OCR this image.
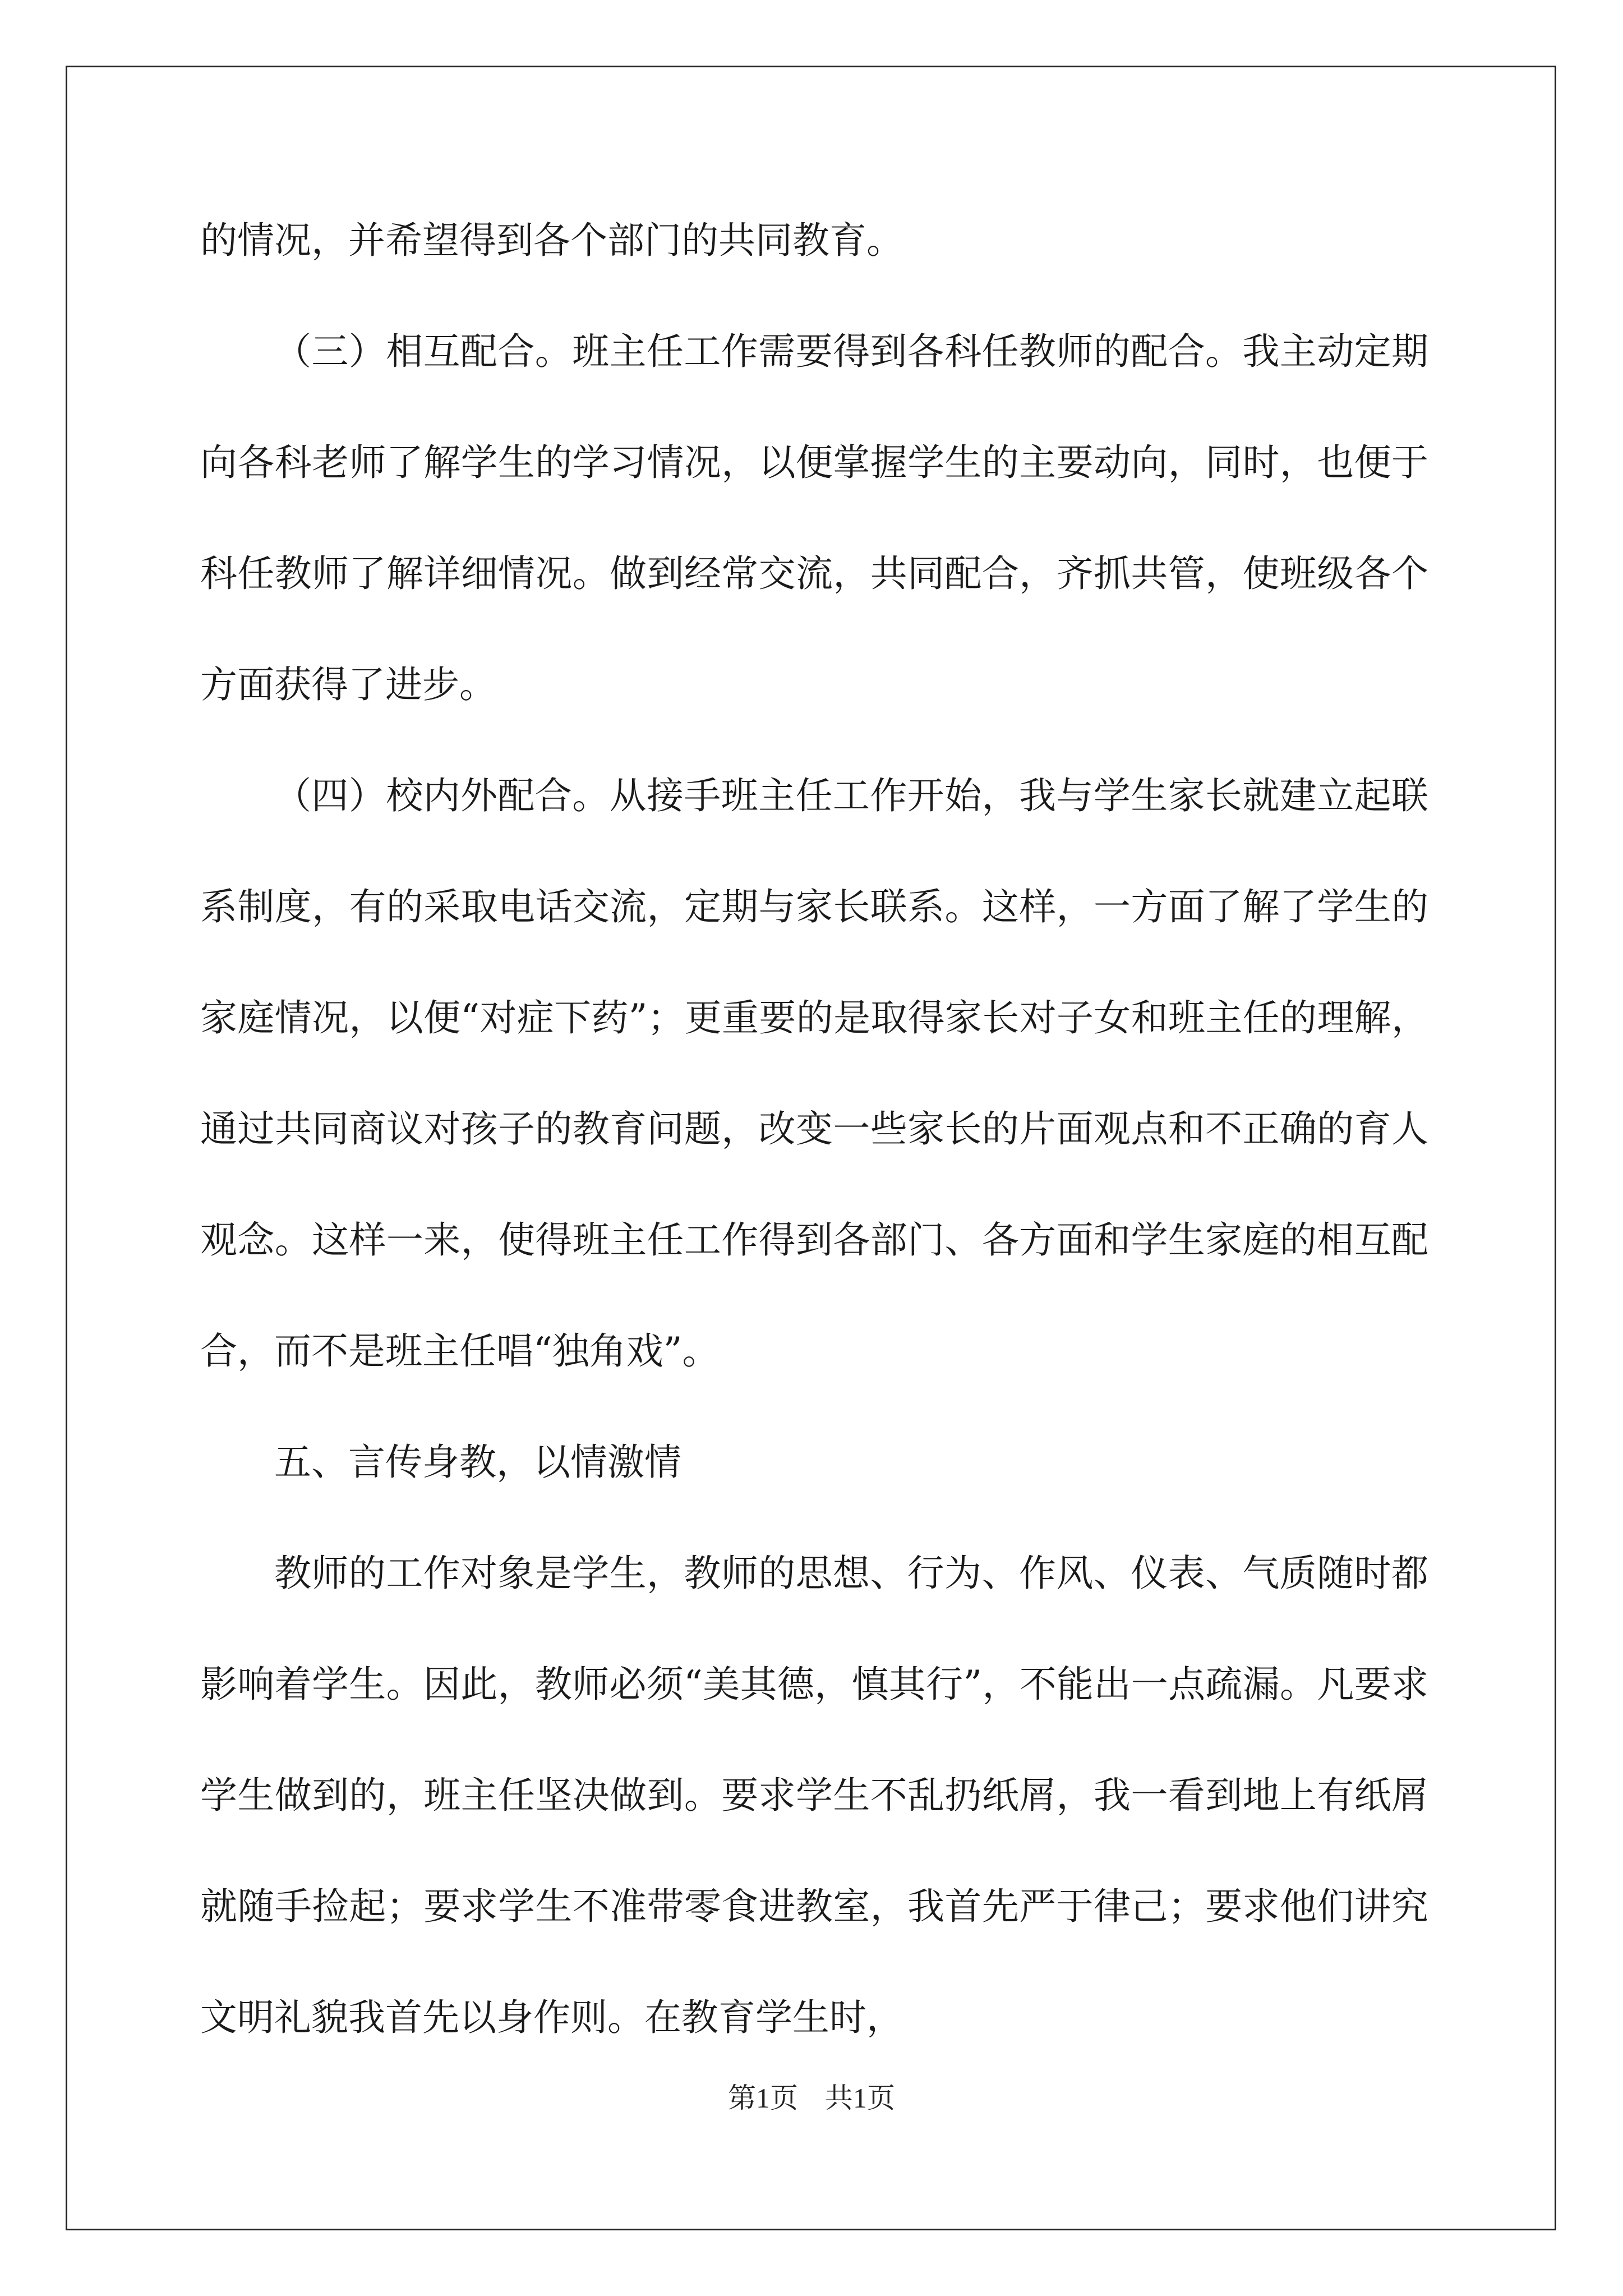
的情况，并希望得到各个部门的共同教育。

（三）相互配合。班主任工作需要得到各科任教师的配合。我主动定期向各科老师了解学生的学习情况，以便掌握学生的主要动向，同时，也便于科任教师了解详细情况。做到经常交流，共同配合，齐抓共管，使班级各个方面获得了进步。

（四）校内外配合。从接手班主任工作开始，我与学生家长就建立起联系制度，有的采取电话交流，定期与家长联系。这样，一方面了解了学生的家庭情况，以便“对症下药”；更重要的是取得家长对子女和班主任的理解，通过共同商议对孩子的教育问题，改变一些家长的片面观点和不正确的育人观念。这样一来，使得班主任工作得到各部门、各方面和学生家庭的相互配合，而不是班主任唱“独角戏”。

五、言传身教，以情激情

教师的工作对象是学生，教师的思想、行为、作风、仪表、气质随时都影响着学生。因此，教师必须“美其德，慎其行”，不能出一点疏漏。凡要求学生做到的，班主任坚决做到。要求学生不乱扔纸屑，我一看到地上有纸屑就随手捡起；要求学生不准带零食进教室，我首先严于律己；要求他们讲究文明礼貌我首先以身作则。在教育学生时，

第1页 共1页
